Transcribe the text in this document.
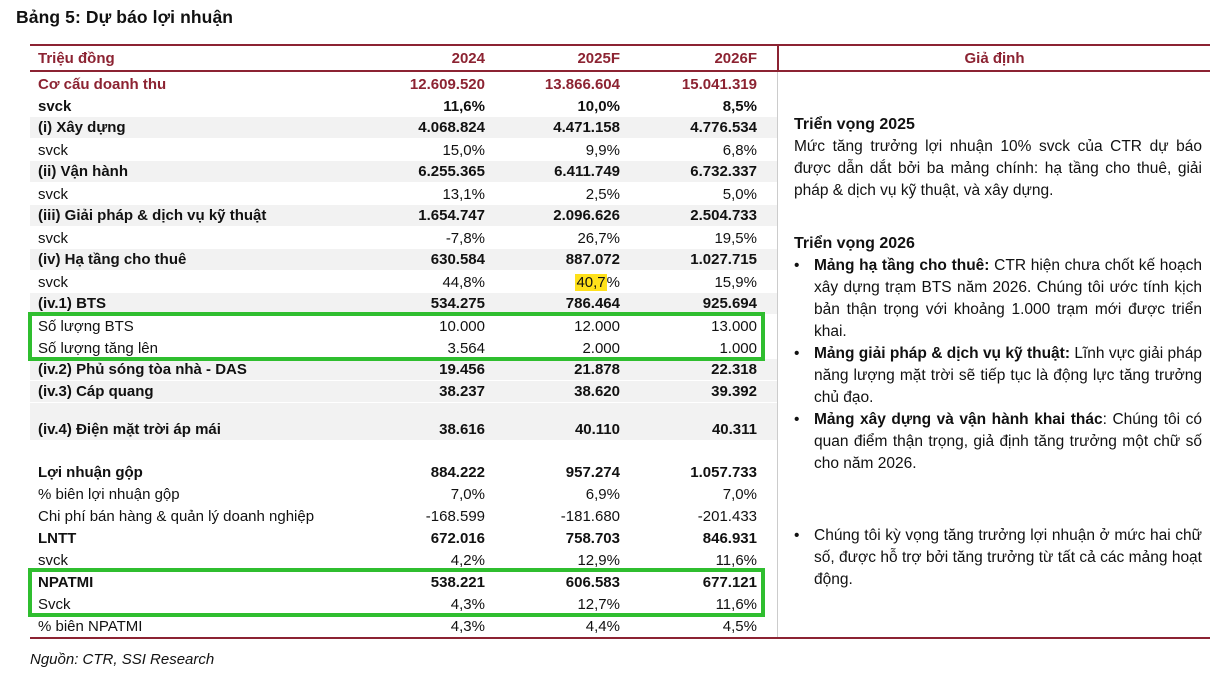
Bảng 5: Dự báo lợi nhuận
Triệu đồng	2024	2025F	2026F	Giả định
Cơ cấu doanh thu	12.609.520	13.866.604	15.041.319
svck	11,6%	10,0%	8,5%
(i) Xây dựng	4.068.824	4.471.158	4.776.534
svck	15,0%	9,9%	6,8%
(ii) Vận hành	6.255.365	6.411.749	6.732.337
svck	13,1%	2,5%	5,0%
(iii) Giải pháp & dịch vụ kỹ thuật	1.654.747	2.096.626	2.504.733
svck	-7,8%	26,7%	19,5%
(iv) Hạ tầng cho thuê	630.584	887.072	1.027.715
svck	44,8%	40,7%	15,9%
(iv.1) BTS	534.275	786.464	925.694
Số lượng BTS	10.000	12.000	13.000
Số lượng tăng lên	3.564	2.000	1.000
(iv.2) Phủ sóng tòa nhà - DAS	19.456	21.878	22.318
(iv.3) Cáp quang	38.237	38.620	39.392
(iv.4) Điện mặt trời áp mái	38.616	40.110	40.311
Lợi nhuận gộp	884.222	957.274	1.057.733
% biên lợi nhuận gộp	7,0%	6,9%	7,0%
Chi phí bán hàng & quản lý doanh nghiệp	-168.599	-181.680	-201.433
LNTT	672.016	758.703	846.931
svck	4,2%	12,9%	11,6%
NPATMI	538.221	606.583	677.121
Svck	4,3%	12,7%	11,6%
% biên NPATMI	4,3%	4,4%	4,5%
Triển vọng 2025
Mức tăng trưởng lợi nhuận 10% svck của CTR dự báo được dẫn dắt bởi ba mảng chính: hạ tầng cho thuê, giải pháp & dịch vụ kỹ thuật, và xây dựng.
Triển vọng 2026
• Mảng hạ tầng cho thuê: CTR hiện chưa chốt kế hoạch xây dựng trạm BTS năm 2026. Chúng tôi ước tính kịch bản thận trọng với khoảng 1.000 trạm mới được triển khai.
• Mảng giải pháp & dịch vụ kỹ thuật: Lĩnh vực giải pháp năng lượng mặt trời sẽ tiếp tục là động lực tăng trưởng chủ đạo.
• Mảng xây dựng và vận hành khai thác: Chúng tôi có quan điểm thận trọng, giả định tăng trưởng một chữ số cho năm 2026.
• Chúng tôi kỳ vọng tăng trưởng lợi nhuận ở mức hai chữ số, được hỗ trợ bởi tăng trưởng từ tất cả các mảng hoạt động.
Nguồn: CTR, SSI Research
